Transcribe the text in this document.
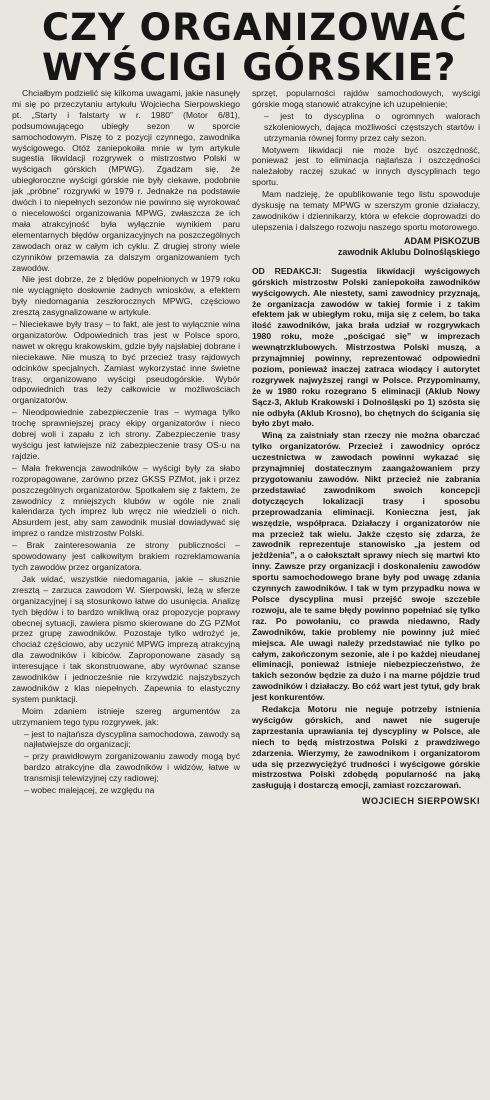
CZY ORGANIZOWAĆ
WYŚCIGI GÓRSKIE?

Chciałbym podzielić się kilkoma uwagami, jakie nasunęły mi się po przeczytaniu artykułu Wojciecha Sierpowskiego pt. „Starty i falstarty w r. 1980” (Motor 6/81), podsumowującego ubiegły sezon w sporcie samochodowym. Piszę to z pozycji czynnego, zawodnika wyścigowego. Otóż zaniepokoiła mnie w tym artykule sugestia likwidacji rozgrywek o mistrzostwo Polski w wyścigach górskich (MPWG). Zgadzam się, że ubiegłoroczne wyścigi górskie nie były ciekawe, podobnie jak „próbne” rozgrywki w 1979 r. Jednakże na podstawie dwóch i to niepełnych sezonów nie powinno się wyrokować o niecelowości organizowania MPWG, zwłaszcza że ich mała atrakcyjność była wyłącznie wynikiem paru elementarnych błędów organizacyjnych na poszczególnych zawodach oraz w całym ich cyklu. Z drugiej strony wiele czynników przemawia za dalszym organizowaniem tych zawodów.

Nie jest dobrze, że z błędów popełnionych w 1979 roku nie wyciągnięto dosłownie żadnych wniosków, a efektem były niedomagania zeszłorocznych MPWG, częściowo zresztą zasygnalizowane w artykule.

– Nieciekawe były trasy – to fakt, ale jest to wyłącznie wina organizatorów. Odpowiednich tras jest w Polsce sporo, nawet w okręgu krakowskim, gdzie były najsłabiej dobrane i nieciekawe. Nie muszą to być przecież trasy rajdowych odcinków specjalnych. Zamiast wykorzystać inne świetne trasy, organizowano wyścigi pseudogórskie. Wybór odpowiednich tras leży całkowicie w możliwościach organizatorów.

– Nieodpowiednie zabezpieczenie tras – wymaga tylko trochę sprawniejszej pracy ekipy organizatorów i nieco dobrej woli i zapału z ich strony. Zabezpieczenie trasy wyścigu jest łatwiejsze niż zabezpieczenie trasy OS-u na rajdzie.

– Mała frekwencja zawodników – wyścigi były za słabo rozpropagowane, zarówno przez GKSS PZMot, jak i przez poszczególnych organizatorów. Spotkałem się z faktem, że zawodnicy z mniejszych klubów w ogóle nie znali kalendarza tych imprez lub wręcz nie wiedzieli o nich. Absurdem jest, aby sam zawodnik musiał dowiadywać się imprez o randze mistrzostw Polski.

– Brak zainteresowania ze strony publiczności – spowodowany jest całkowitym brakiem rozreklamowania tych zawodów przez organizatora.

Jak widać, wszystkie niedomagania, jakie – słusznie zresztą – zarzuca zawodom W. Sierpowski, leżą w sferze organizacyjnej i są stosunkowo łatwe do usunięcia. Analizę tych błędów i to bardzo wnikliwą oraz propozycje poprawy obecnej sytuacji, zawiera pismo skierowane do ZG PZMot przez grupę zawodników. Pozostaje tylko wdrożyć je, chociaż częściowo, aby uczynić MPWG imprezą atrakcyjną dla zawodników i kibiców. Zaproponowane zasady są interesujące i tak skonstruowane, aby wyrównać szanse zawodników i jednocześnie nie krzywdzić najszybszych zawodników z klas niepełnych. Zapewnia to elastyczny system punktacji.

Moim zdaniem istnieje szereg argumentów za utrzymaniem tego typu rozgrywek, jak:

– jest to najtańsza dyscyplina samochodowa, zawody są najłatwiejsze do organizacji;

– przy prawidłowym zorganizowaniu zawody mogą być bardzo atrakcyjne dla zawodników i widzów, łatwe w transmisji telewizyjnej czy radiowej;

– wobec malejącej, ze względu na

sprzęt, popularności rajdów samochodowych, wyścigi górskie mogą stanowić atrakcyjne ich uzupełnienie;

– jest to dyscyplina o ogromnych walorach szkoleniowych, dająca możliwości częstszych startów i utrzymania równej formy przez cały sezon.

Motywem likwidacji nie może być oszczędność, ponieważ jest to eliminacja najtańsza i oszczędności należałoby raczej szukać w innych dyscyplinach tego sportu.

Mam nadzieję, że opublikowanie tego listu spowoduje dyskusję na tematy MPWG w szerszym gronie działaczy, zawodników i dziennikarzy, która w efekcie doprowadzi do ulepszenia i dalszego rozwoju naszego sportu motorowego.

ADAM PISKOZUB
zawodnik Aklubu Dolnośląskiego

OD REDAKCJI: Sugestia likwidacji wyścigowych górskich mistrzostw Polski zaniepokoiła zawodników wyścigowych. Ale niestety, sami zawodnicy przyznają, że organizacja zawodów w takiej formie i z takim efektem jak w ubiegłym roku, mija się z celem, bo taka ilość zawodników, jaka brała udział w rozgrywkach 1980 roku, może „pościgać się” w imprezach wewnątrzklubowych. Mistrzostwa Polski muszą, a przynajmniej powinny, reprezentować odpowiedni poziom, ponieważ inaczej zatraca wiodący i autorytet rozgrywek najwyższej rangi w Polsce. Przypominamy, że w 1980 roku rozegrano 5 eliminacji (Aklub Nowy Sącz-3, Aklub Krakowski i Dolnośląski po 1) szósta się nie odbyła (Aklub Krosno), bo chętnych do ścigania się było zbyt mało.

Winą za zaistniały stan rzeczy nie można obarczać tylko organizatorów. Przecież i zawodnicy oprócz uczestnictwa w zawodach powinni wykazać się przynajmniej dostatecznym zaangażowaniem przy przygotowaniu zawodów. Nikt przecież nie zabrania przedstawiać zawodnikom swoich koncepcji dotyczących lokalizacji trasy i sposobu przeprowadzania eliminacji. Konieczna jest, jak wszędzie, współpraca. Działaczy i organizatorów nie ma przecież tak wielu. Jakże często się zdarza, że zawodnik reprezentuje stanowisko „ja jestem od jeżdżenia”, a o całokształt sprawy niech się martwi kto inny. Zawsze przy organizacji i doskonaleniu zawodów sportu samochodowego brane były pod uwagę zdania czynnych zawodników. I tak w tym przypadku nowa w Polsce dyscyplina musi przejść swoje szczeble rozwoju, ale te same błędy powinno popełniać się tylko raz. Po powołaniu, co prawda niedawno, Rady Zawodników, takie problemy nie powinny już mieć miejsca. Ale uwagi należy przedstawiać nie tylko po całym, zakończonym sezonie, ale i po każdej nieudanej eliminacji, ponieważ istnieje niebezpieczeństwo, że takich sezonów będzie za dużo i na marne pójdzie trud zawodników i działaczy. Bo cóż wart jest tytuł, gdy brak jest konkurentów.

Redakcja Motoru nie neguje potrzeby istnienia wyścigów górskich, and nawet nie sugeruje zaprzestania uprawiania tej dyscypliny w Polsce, ale niech to będą mistrzostwa Polski z prawdziwego zdarzenia. Wierzymy, że zawodnikom i organizatorom uda się przezwyciężyć trudności i wyścigowe górskie mistrzostwa Polski zdobędą popularność na jaką zasługują i dostarczą emocji, zamiast rozczarowań.

WOJCIECH SIERPOWSKI
